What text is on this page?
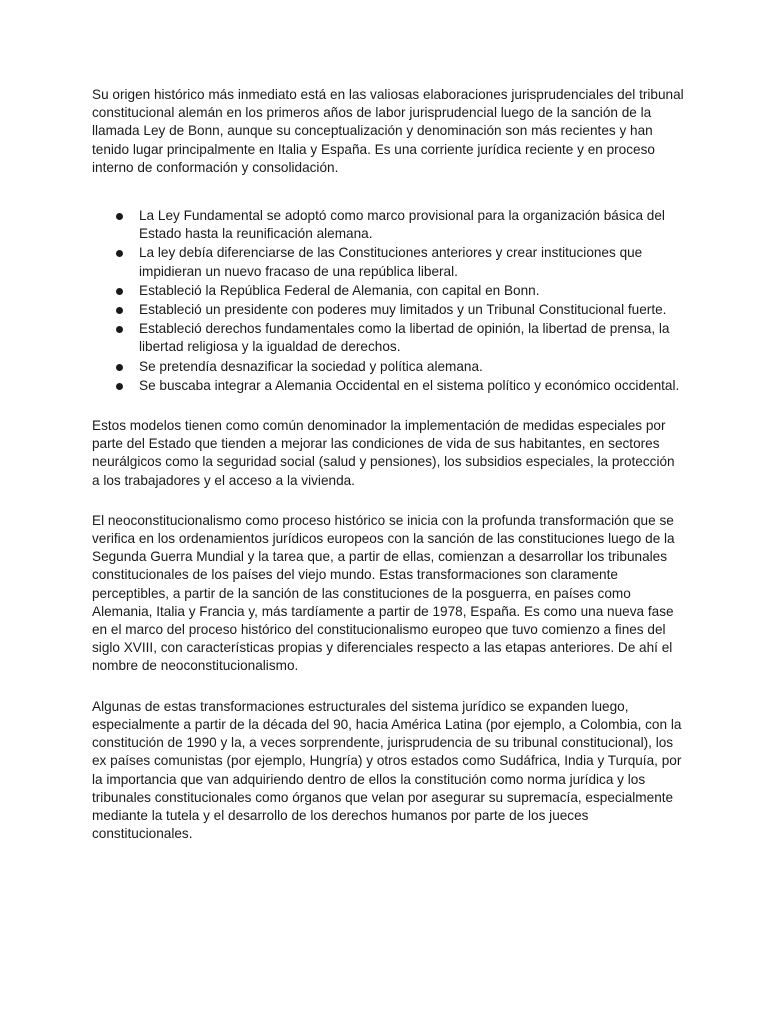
Su origen histórico más inmediato está en las valiosas elaboraciones jurisprudenciales del tribunal constitucional alemán en los primeros años de labor jurisprudencial luego de la sanción de la llamada Ley de Bonn, aunque su conceptualización y denominación son más recientes y han tenido lugar principalmente en Italia y España. Es una corriente jurídica reciente y en proceso interno de conformación y consolidación.

La Ley Fundamental se adoptó como marco provisional para la organización básica del Estado hasta la reunificación alemana.
La ley debía diferenciarse de las Constituciones anteriores y crear instituciones que impidieran un nuevo fracaso de una república liberal.
Estableció la República Federal de Alemania, con capital en Bonn.
Estableció un presidente con poderes muy limitados y un Tribunal Constitucional fuerte.
Estableció derechos fundamentales como la libertad de opinión, la libertad de prensa, la libertad religiosa y la igualdad de derechos.
Se pretendía desnazificar la sociedad y política alemana.
Se buscaba integrar a Alemania Occidental en el sistema político y económico occidental.

Estos modelos tienen como común denominador la implementación de medidas especiales por parte del Estado que tienden a mejorar las condiciones de vida de sus habitantes, en sectores neurálgicos como la seguridad social (salud y pensiones), los subsidios especiales, la protección a los trabajadores y el acceso a la vivienda.

El neoconstitucionalismo como proceso histórico se inicia con la profunda transformación que se verifica en los ordenamientos jurídicos europeos con la sanción de las constituciones luego de la Segunda Guerra Mundial y la tarea que, a partir de ellas, comienzan a desarrollar los tribunales constitucionales de los países del viejo mundo. Estas transformaciones son claramente perceptibles, a partir de la sanción de las constituciones de la posguerra, en países como Alemania, Italia y Francia y, más tardíamente a partir de 1978, España. Es como una nueva fase en el marco del proceso histórico del constitucionalismo europeo que tuvo comienzo a fines del siglo XVIII, con características propias y diferenciales respecto a las etapas anteriores. De ahí el nombre de neoconstitucionalismo.

Algunas de estas transformaciones estructurales del sistema jurídico se expanden luego, especialmente a partir de la década del 90, hacia América Latina (por ejemplo, a Colombia, con la constitución de 1990 y la, a veces sorprendente, jurisprudencia de su tribunal constitucional), los ex países comunistas (por ejemplo, Hungría) y otros estados como Sudáfrica, India y Turquía, por la importancia que van adquiriendo dentro de ellos la constitución como norma jurídica y los tribunales constitucionales como órganos que velan por asegurar su supremacía, especialmente mediante la tutela y el desarrollo de los derechos humanos por parte de los jueces constitucionales.
